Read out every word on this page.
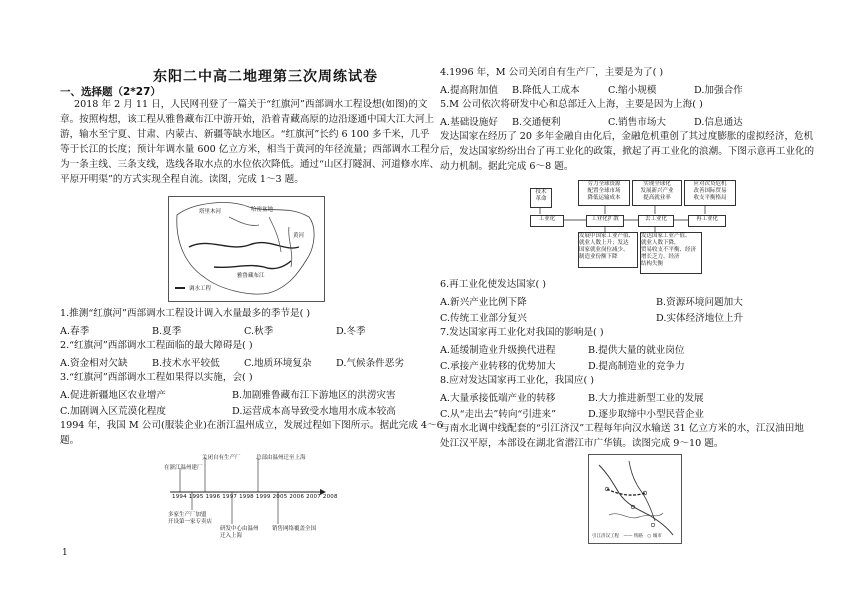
东阳二中高二地理第三次周练试卷
一、选择题（2*27）
2018 年 2 月 11 日，人民网刊登了一篇关于“红旗河”西部调水工程设想(如图)的文
章。按照构想，该工程从雅鲁藏布江中游开始，沿着青藏高原的边沿逐通中国大江大河上
游，输水至宁夏、甘肃、内蒙古、新疆等缺水地区。“红旗河”长约 6 100 多千米，几乎
等于长江的长度；预计年调水量 600 亿立方米，相当于黄河的年径流量；西部调水工程分
为一条主线、三条支线，选线各取水点的水位依次降低。通过“山区打隧洞、河道修水库、
平原开明渠”的方式实现全程自流。读图，完成 1～3 题。
塔里木河	哈密盆地
黄河
雅鲁藏布江
调水工程
1.推测“红旗河”西部调水工程设计调入水量最多的季节是( )
A.春季	B.夏季	C.秋季	D.冬季
2.“红旗河”西部调水工程面临的最大障碍是( )
A.资金相对欠缺	B.技术水平较低	C.地质环境复杂	D.气候条件恶劣
3.“红旗河”西部调水工程如果得以实施，会( )
A.促进新疆地区农业增产	B.加剧雅鲁藏布江下游地区的洪涝灾害
C.加剧调入区荒漠化程度	D.运营成本高导致受水地用水成本较高
1994 年，我国 M 公司(服装企业)在浙江温州成立，发展过程如下图所示。据此完成 4～6
题。
关闭自有生产厂	总部由温州迁至上海
在浙江温州建厂
1994 1995 1996 1997 1998 1999 2005 2006 2007 2008
多家生产厂加盟
开设第一家专卖店
研发中心由温州
迁入上海
销售网络覆盖全国
1
4.1996 年，M 公司关闭自有生产厂，主要是为了( )
A.提高附加值 B.降低人工成本	C.缩小规模	D.加强合作
5.M 公司依次将研发中心和总部迁入上海，主要是因为上海( )
A.基础设施好 B.交通便利	C.销售市场大	D.信息通达
发达国家在经历了 20 多年金融自由化后，金融危机重创了其过度膨胀的虚拟经济，危机
后，发达国家纷纷出台了再工业化的政策，掀起了再工业化的浪潮。下图示意再工业化的
动力机制。据此完成 6～8 题。
技术
革命
劳力全球资源
配置全球市场
降低运输成本
实现全球化
发展新兴产业
提高就业率
应对次贷危机
改善国际贸易
收支平衡格局
工业化	工业化扩散	去工业化	再工业化
发展中国家工业产值、
就业人数上升；发达
国家就业岗位减少、
制造业份额下降
发达国家工业产值、
就业人数下降，
贸易收支不平衡、经济
增长乏力、经济
结构失衡
6.再工业化使发达国家( )
A.新兴产业比例下降	B.资源环境问题加大
C.传统工业部分复兴	D.实体经济地位上升
7.发达国家再工业化对我国的影响是( )
A.延缓制造业升级换代进程	B.提供大量的就业岗位
C.承接产业转移的优势加大	D.提高制造业的竞争力
8.应对发达国家再工业化，我国应( )
A.大量承接低端产业的转移	B.大力推进新型工业的发展
C.从“走出去”转向“引进来”	D.逐步取缔中小型民营企业
与南水北调中线配套的“引江济汉”工程每年向汉水输送 31 亿立方米的水，江汉油田地
处江汉平原，本部设在湖北省潜江市广华镇。读图完成 9～10 题。
引江济汉工程　—— 铁路　○ 城市
